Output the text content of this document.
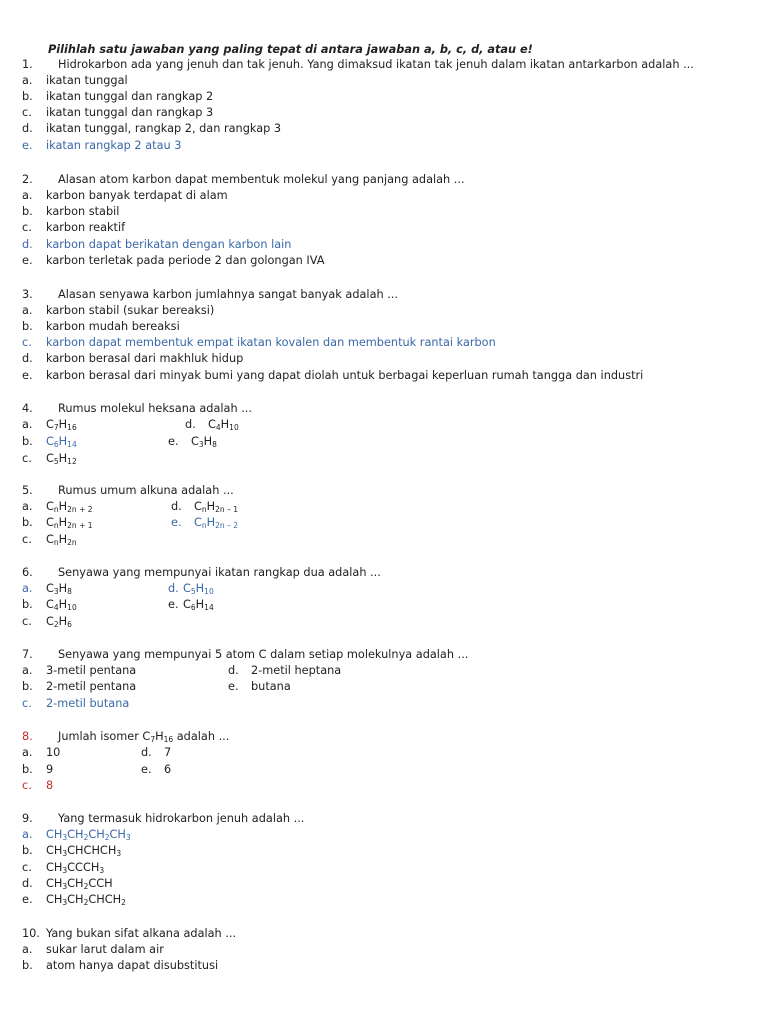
Pilihlah satu jawaban yang paling tepat di antara jawaban a, b, c, d, atau e!
1. Hidrokarbon ada yang jenuh dan tak jenuh. Yang dimaksud ikatan tak jenuh dalam ikatan antarkarbon adalah ...
a. ikatan tunggal
b. ikatan tunggal dan rangkap 2
c. ikatan tunggal dan rangkap 3
d. ikatan tunggal, rangkap 2, dan rangkap 3
e. ikatan rangkap 2 atau 3
2. Alasan atom karbon dapat membentuk molekul yang panjang adalah ...
a. karbon banyak terdapat di alam
b. karbon stabil
c. karbon reaktif
d. karbon dapat berikatan dengan karbon lain
e. karbon terletak pada periode 2 dan golongan IVA
3. Alasan senyawa karbon jumlahnya sangat banyak adalah ...
a. karbon stabil (sukar bereaksi)
b. karbon mudah bereaksi
c. karbon dapat membentuk empat ikatan kovalen dan membentuk rantai karbon
d. karbon berasal dari makhluk hidup
e. karbon berasal dari minyak bumi yang dapat diolah untuk berbagai keperluan rumah tangga dan industri
4. Rumus molekul heksana adalah ...
a. $C_7H_{16}$	d. $C_4H_{10}$
b. $C_6H_{14}$	e. $C_3H_8$
c. $C_5H_{12}$
5. Rumus umum alkuna adalah ...
a. $C_nH_{2n + 2}$	d. $C_nH_{2n - 1}$
b. $C_nH_{2n + 1}$	e. $C_nH_{2n - 2}$
c. $C_nH_{2n}$
6. Senyawa yang mempunyai ikatan rangkap dua adalah ...
a. $C_3H_8$	d. $C_5H_{10}$
b. $C_4H_{10}$	e. $C_6H_{14}$
c. $C_2H_6$
7. Senyawa yang mempunyai 5 atom C dalam setiap molekulnya adalah ...
a. 3-metil pentana	d. 2-metil heptana
b. 2-metil pentana	e. butana
c. 2-metil butana
8. Jumlah isomer $C_7H_{16}$ adalah ...
a. 10	d. 7
b. 9	e. 6
c. 8
9. Yang termasuk hidrokarbon jenuh adalah ...
a. $CH_3CH_2CH_2CH_3$
b. $CH_3CHCHCH_3$
c. $CH_3CCCH_3$
d. $CH_3CH_2CCH$
e. $CH_3CH_2CHCH_2$
10. Yang bukan sifat alkana adalah ...
a. sukar larut dalam air
b. atom hanya dapat disubstitusi
